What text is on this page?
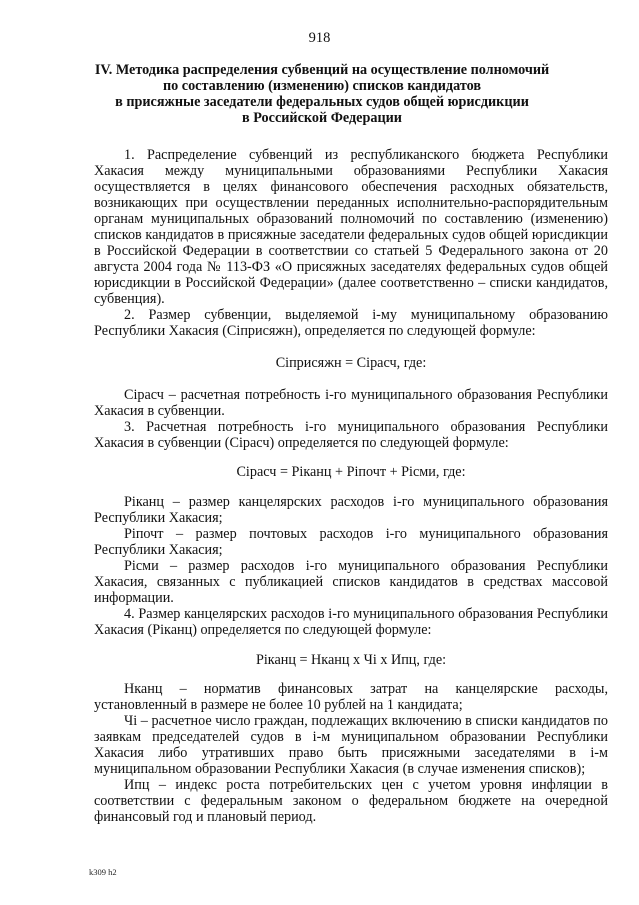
918
IV. Методика распределения субвенций на осуществление полномочий
по составлению (изменению) списков кандидатов
в присяжные заседатели федеральных судов общей юрисдикции
в Российской Федерации

1. Распределение субвенций из республиканского бюджета Республики Хакасия между муниципальными образованиями Республики Хакасия осуществляется в целях финансового обеспечения расходных обязательств, возникающих при осуществлении переданных исполнительно-распорядительным органам муниципальных образований полномочий по составлению (изменению) списков кандидатов в присяжные заседатели федеральных судов общей юрисдикции в Российской Федерации в соответствии со статьей 5 Федерального закона от 20 августа 2004 года № 113-ФЗ «О присяжных заседателях федеральных судов общей юрисдикции в Российской Федерации» (далее соответственно – списки кандидатов, субвенция).

2. Размер субвенции, выделяемой i-му муниципальному образованию Республики Хакасия (Сiприсяжн), определяется по следующей формуле:

Сiприсяжн = Сiрасч, где:

Сiрасч – расчетная потребность i-го муниципального образования Республики Хакасия в субвенции.

3. Расчетная потребность i-го муниципального образования Республики Хакасия в субвенции (Сiрасч) определяется по следующей формуле:

Сiрасч = Рiканц + Рiпочт + Рiсми, где:

Рiканц – размер канцелярских расходов i-го муниципального образования Республики Хакасия;

Рiпочт – размер почтовых расходов i-го муниципального образования Республики Хакасия;

Рiсми – размер расходов i-го муниципального образования Республики Хакасия, связанных с публикацией списков кандидатов в средствах массовой информации.

4. Размер канцелярских расходов i-го муниципального образования Республики Хакасия (Рiканц) определяется по следующей формуле:

Рiканц = Нканц х Чi х Ипц, где:

Нканц – норматив финансовых затрат на канцелярские расходы, установленный в размере не более 10 рублей на 1 кандидата;

Чi – расчетное число граждан, подлежащих включению в списки кандидатов по заявкам председателей судов в i-м муниципальном образовании Республики Хакасия либо утративших право быть присяжными заседателями в i-м муниципальном образовании Республики Хакасия (в случае изменения списков);

Ипц – индекс роста потребительских цен с учетом уровня инфляции в соответствии с федеральным законом о федеральном бюджете на очередной финансовый год и плановый период.

k309 h2
